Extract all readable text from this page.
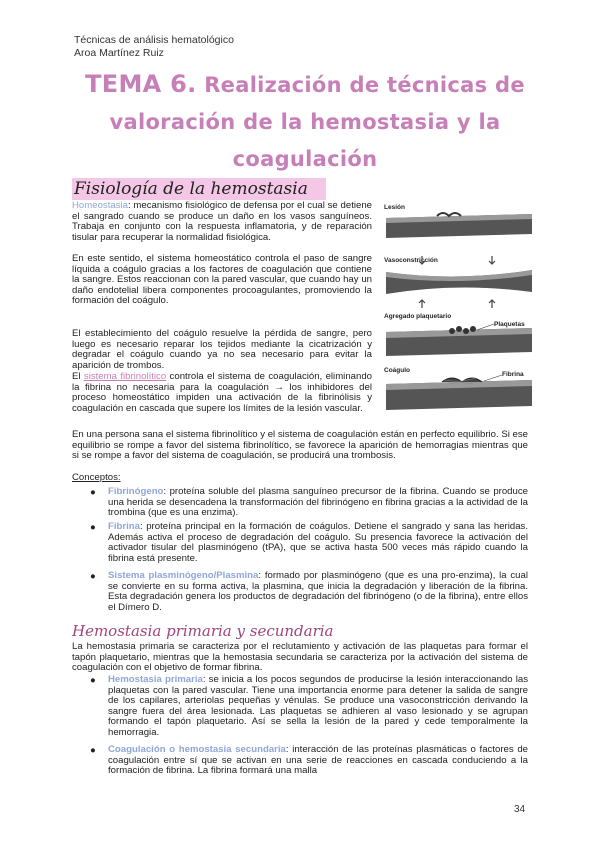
Técnicas de análisis hematológico
Aroa Martínez Ruiz
TEMA 6. Realización de técnicas de
valoración de la hemostasia y la
coagulación
Fisiología de la hemostasia
Homeostasia: mecanismo fisiológico de defensa por el cual se detiene el sangrado cuando se produce un daño en los vasos sanguíneos. Trabaja en conjunto con la respuesta inflamatoria, y de reparación tisular para recuperar la normalidad fisiológica.
En este sentido, el sistema homeostático controla el paso de sangre líquida a coágulo gracias a los factores de coagulación que contiene la sangre. Estos reaccionan con la pared vascular, que cuando hay un daño endotelial libera componentes procoagulantes, promoviendo la formación del coágulo.
El establecimiento del coágulo resuelve la pérdida de sangre, pero luego es necesario reparar los tejidos mediante la cicatrización y degradar el coágulo cuando ya no sea necesario para evitar la aparición de trombos.
El sistema fibrinolítico controla el sistema de coagulación, eliminando la fibrina no necesaria para la coagulación → los inhibidores del proceso homeostático impiden una activación de la fibrinólisis y coagulación en cascada que supere los límites de la lesión vascular.
Lesión
Vasoconstricción
Agregado plaquetario
Plaquetas
Coágulo
Fibrina
En una persona sana el sistema fibrinolítico y el sistema de coagulación están en perfecto equilibrio. Si ese equilibrio se rompe a favor del sistema fibrinolítico, se favorece la aparición de hemorragias mientras que si se rompe a favor del sistema de coagulación, se producirá una trombosis.
Conceptos:
● Fibrinógeno: proteína soluble del plasma sanguíneo precursor de la fibrina. Cuando se produce una herida se desencadena la transformación del fibrinógeno en fibrina gracias a la actividad de la trombina (que es una enzima).
● Fibrina: proteína principal en la formación de coágulos. Detiene el sangrado y sana las heridas. Además activa el proceso de degradación del coágulo. Su presencia favorece la activación del activador tisular del plasminógeno (tPA), que se activa hasta 500 veces más rápido cuando la fibrina está presente.
● Sistema plasminógeno/Plasmina: formado por plasminógeno (que es una pro-enzima), la cual se convierte en su forma activa, la plasmina, que inicia la degradación y liberación de la fibrina. Esta degradación genera los productos de degradación del fibrinógeno (o de la fibrina), entre ellos el Dímero D.
Hemostasia primaria y secundaria
La hemostasia primaria se caracteriza por el reclutamiento y activación de las plaquetas para formar el tapón plaquetario, mientras que la hemostasia secundaria se caracteriza por la activación del sistema de coagulación con el objetivo de formar fibrina.
● Hemostasia primaria: se inicia a los pocos segundos de producirse la lesión interaccionando las plaquetas con la pared vascular. Tiene una importancia enorme para detener la salida de sangre de los capilares, arteriolas pequeñas y vénulas. Se produce una vasoconstricción derivando la sangre fuera del área lesionada. Las plaquetas se adhieren al vaso lesionado y se agrupan formando el tapón plaquetario. Así se sella la lesión de la pared y cede temporalmente la hemorragia.
● Coagulación o hemostasia secundaria: interacción de las proteínas plasmáticas o factores de coagulación entre sí que se activan en una serie de reacciones en cascada conduciendo a la formación de fibrina. La fibrina formará una malla
34
